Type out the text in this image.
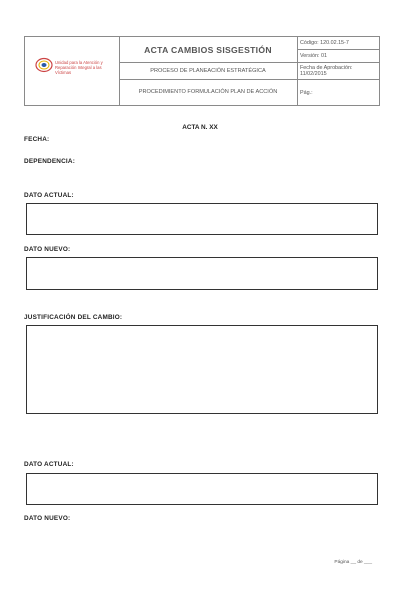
Unidad para la Atención y Reparación Integral a las Víctimas
ACTA CAMBIOS SISGESTIÓN
PROCESO DE PLANEACIÓN ESTRATÉGICA
PROCEDIMIENTO FORMULACIÓN PLAN DE ACCIÓN
Código: 120.02.15-7
Versión: 01
Fecha de Aprobación: 11/02/2015
Pág.:
ACTA N. XX
FECHA:
DEPENDENCIA:
DATO ACTUAL:
DATO NUEVO:
JUSTIFICACIÓN DEL CAMBIO:
DATO ACTUAL:
DATO NUEVO:
Página __ de ___
